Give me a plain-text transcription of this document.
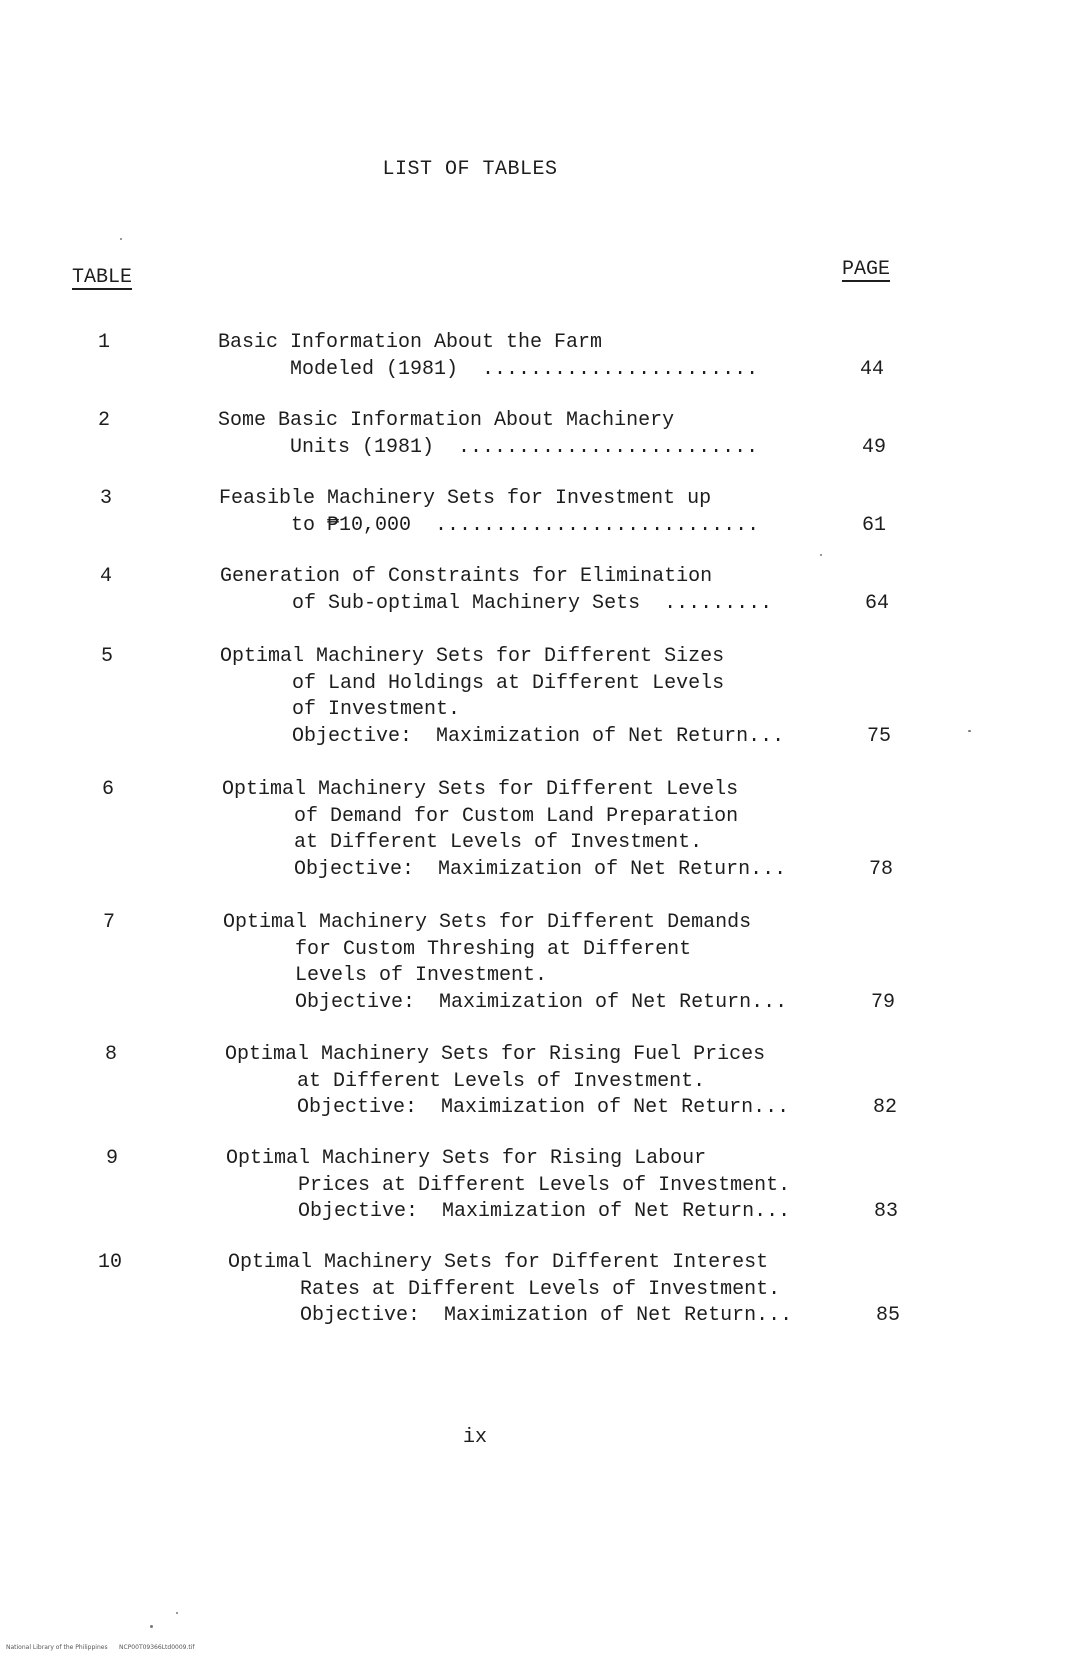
LIST OF TABLES
TABLE	PAGE
1	Basic Information About the Farm
Modeled (1981)  .......................	44
2	Some Basic Information About Machinery
Units (1981)  .........................	49
3	Feasible Machinery Sets for Investment up
to ₱10,000  ...........................	61
4	Generation of Constraints for Elimination
of Sub-optimal Machinery Sets  .........	64
5	Optimal Machinery Sets for Different Sizes
of Land Holdings at Different Levels
of Investment.
Objective:  Maximization of Net Return...	75
6	Optimal Machinery Sets for Different Levels
of Demand for Custom Land Preparation
at Different Levels of Investment.
Objective:  Maximization of Net Return...	78
7	Optimal Machinery Sets for Different Demands
for Custom Threshing at Different
Levels of Investment.
Objective:  Maximization of Net Return...	79
8	Optimal Machinery Sets for Rising Fuel Prices
at Different Levels of Investment.
Objective:  Maximization of Net Return...	82
9	Optimal Machinery Sets for Rising Labour
Prices at Different Levels of Investment.
Objective:  Maximization of Net Return...	83
10	Optimal Machinery Sets for Different Interest
Rates at Different Levels of Investment.
Objective:  Maximization of Net Return...	85
ix
National Library of the Philippines      NCP00T09366Ltd0009.tif
